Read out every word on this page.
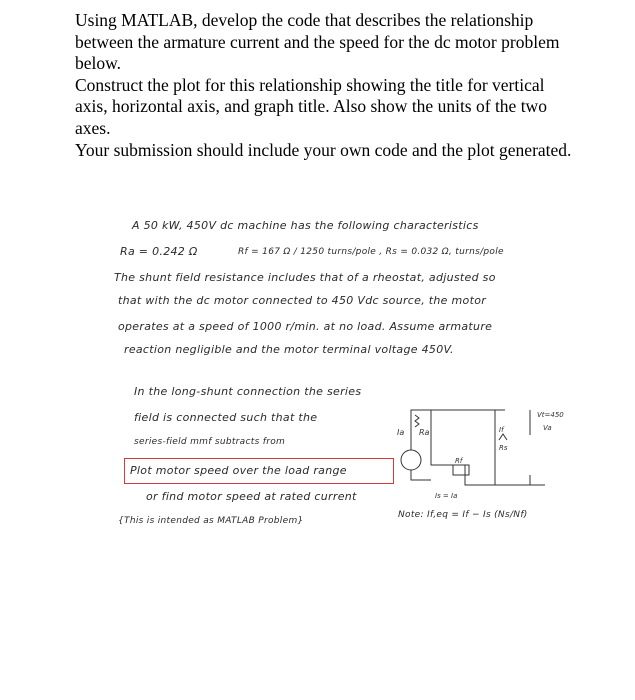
Using MATLAB, develop the code that describes the relationship between the armature current and the speed for the dc motor problem below.

Construct the plot for this relationship showing the title for vertical axis, horizontal axis, and graph title. Also show the units of the two axes.

Your submission should include your own code and the plot generated.

A 50 kW, 450V dc machine has the following characteristics
Ra = 0.242 Ω	Rf = 167 Ω / 1250 turns/pole , Rs = 0.032 Ω, turns/pole
The shunt field resistance includes that of a rheostat, adjusted so
that with the dc motor connected to 450 Vdc source, the motor
operates at a speed of 1000 r/min. at no load. Assume armature
reaction negligible and the motor terminal voltage 450V.
In the long-shunt connection the series
field is connected such that the
series-field mmf subtracts from
Plot motor speed over the load range
or find motor speed at rated current
{This is intended as MATLAB Problem}
Note: If,eq = If − Is (Ns/Nf)
Ra
Ia
Rf
If
Vt=450
Va
Rs
Is = Ia
